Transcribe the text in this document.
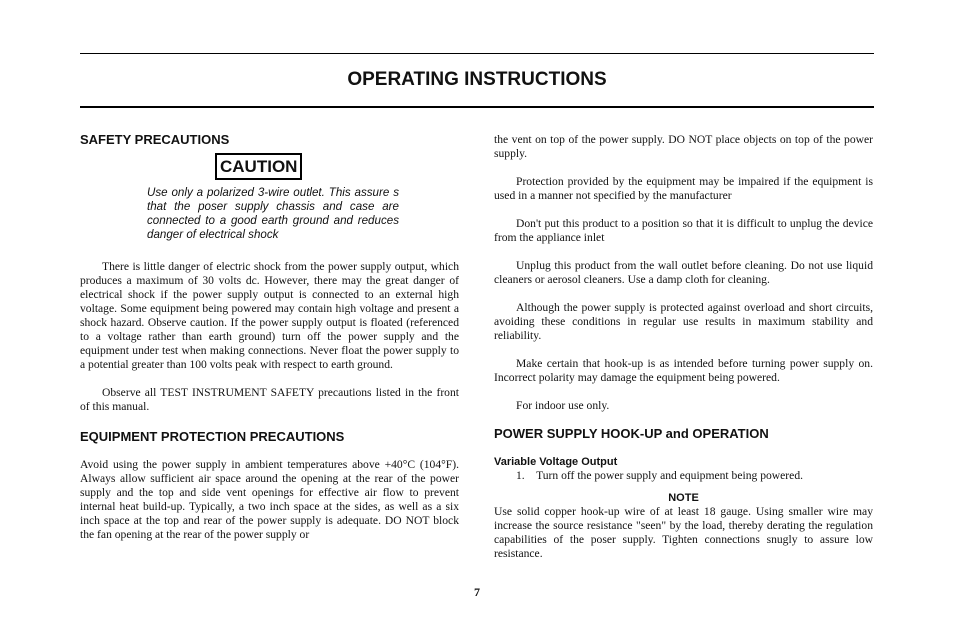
OPERATING INSTRUCTIONS
SAFETY PRECAUTIONS
CAUTION
Use only a polarized 3-wire outlet. This assure s that the poser supply chassis and case are connected to a good earth ground and reduces danger of electrical shock

There is little danger of electric shock from the power supply output, which produces a maximum of 30 volts dc. However, there may the great danger of electrical shock if the power supply output is connected to an external high voltage. Some equipment being powered may contain high voltage and present a shock hazard. Observe caution. If the power supply output is floated (referenced to a voltage rather than earth ground) turn off the power supply and the equipment under test when making connections. Never float the power supply to a potential greater than 100 volts peak with respect to earth ground.

Observe all TEST INSTRUMENT SAFETY precautions listed in the front of this manual.

EQUIPMENT PROTECTION PRECAUTIONS

Avoid using the power supply in ambient temperatures above +40°C (104°F). Always allow sufficient air space around the opening at the rear of the power supply and the top and side vent openings for effective air flow to prevent internal heat build-up. Typically, a two inch space at the sides, as well as a six inch space at the top and rear of the power supply is adequate. DO NOT block the fan opening at the rear of the power supply or

the vent on top of the power supply. DO NOT place objects on top of the power supply.

Protection provided by the equipment may be impaired if the equipment is used in a manner not specified by the manufacturer

Don't put this product to a position so that it is difficult to unplug the device from the appliance inlet

Unplug this product from the wall outlet before cleaning. Do not use liquid cleaners or aerosol cleaners. Use a damp cloth for cleaning.

Although the power supply is protected against overload and short circuits, avoiding these conditions in regular use results in maximum stability and reliability.

Make certain that hook-up is as intended before turning power supply on. Incorrect polarity may damage the equipment being powered.

For indoor use only.

POWER SUPPLY HOOK-UP and OPERATION
Variable Voltage Output

1.    Turn off the power supply and equipment being powered.

NOTE

Use solid copper hook-up wire of at least 18 gauge. Using smaller wire may increase the source resistance "seen" by the load, thereby derating the regulation capabilities of the poser supply. Tighten connections snugly to assure low resistance.

7
